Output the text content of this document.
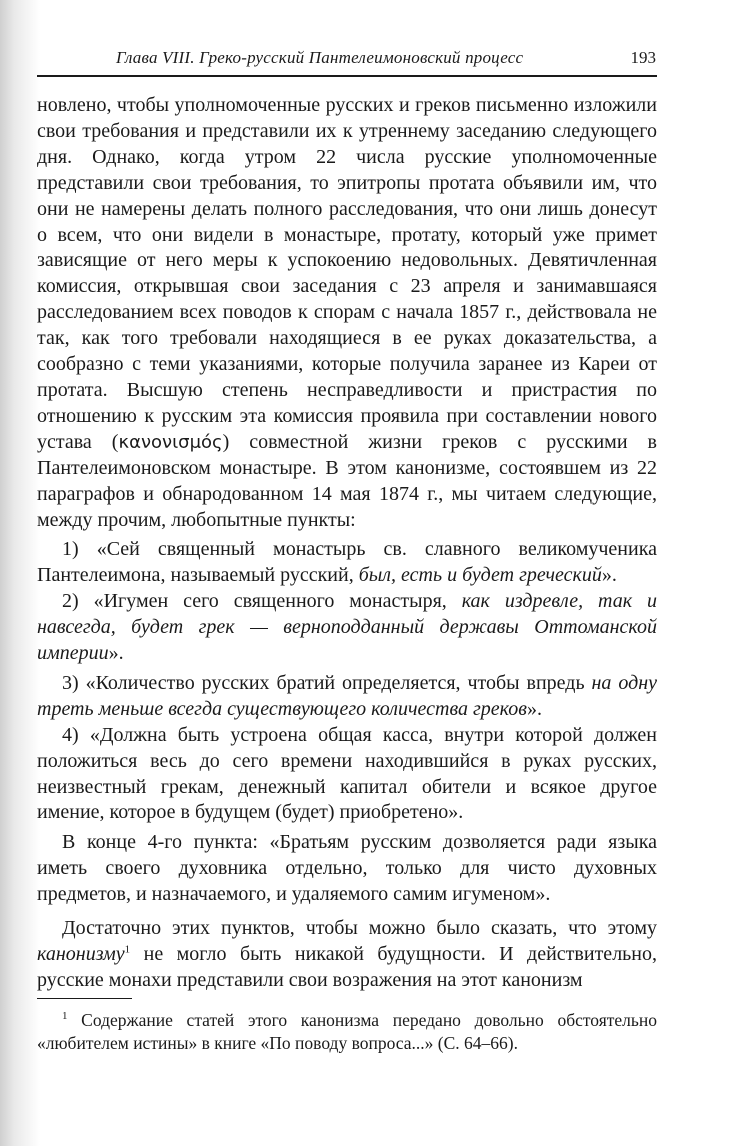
Глава VIII. Греко-русский Пантелеимоновский процесс	193

новлено, чтобы уполномоченные русских и греков письменно изложили свои требования и представили их к утреннему заседанию следующего дня. Однако, когда утром 22 числа русские уполномоченные представили свои требования, то эпитропы протата объявили им, что они не намерены делать полного расследования, что они лишь донесут о всем, что они видели в монастыре, протату, который уже примет зависящие от него меры к успокоению недовольных. Девятичленная комиссия, открывшая свои заседания с 23 апреля и занимавшаяся расследованием всех поводов к спорам с начала 1857 г., действовала не так, как того требовали находящиеся в ее руках доказательства, а сообразно с теми указаниями, которые получила заранее из Кареи от протата. Высшую степень несправедливости и пристрастия по отношению к русским эта комиссия проявила при составлении нового устава (κανονισμός) совместной жизни греков с русскими в Пантелеимоновском монастыре. В этом канонизме, состоявшем из 22 параграфов и обнародованном 14 мая 1874 г., мы читаем следующие, между прочим, любопытные пункты:

1) «Сей священный монастырь св. славного великомученика Пантелеимона, называемый русский, был, есть и будет греческий».

2) «Игумен сего священного монастыря, как издревле, так и навсегда, будет грек — верноподданный державы Оттоманской империи».

3) «Количество русских братий определяется, чтобы впредь на одну треть меньше всегда существующего количества греков».

4) «Должна быть устроена общая касса, внутри которой должен положиться весь до сего времени находившийся в руках русских, неизвестный грекам, денежный капитал обители и всякое другое имение, которое в будущем (будет) приобретено».

В конце 4-го пункта: «Братьям русским дозволяется ради языка иметь своего духовника отдельно, только для чисто духовных предметов, и назначаемого, и удаляемого самим игуменом».

Достаточно этих пунктов, чтобы можно было сказать, что этому канонизму$^1$ не могло быть никакой будущности. И действительно, русские монахи представили свои возражения на этот канонизм

$^1$ Содержание статей этого канонизма передано довольно обстоятельно «любителем истины» в книге «По поводу вопроса...» (С. 64–66).
